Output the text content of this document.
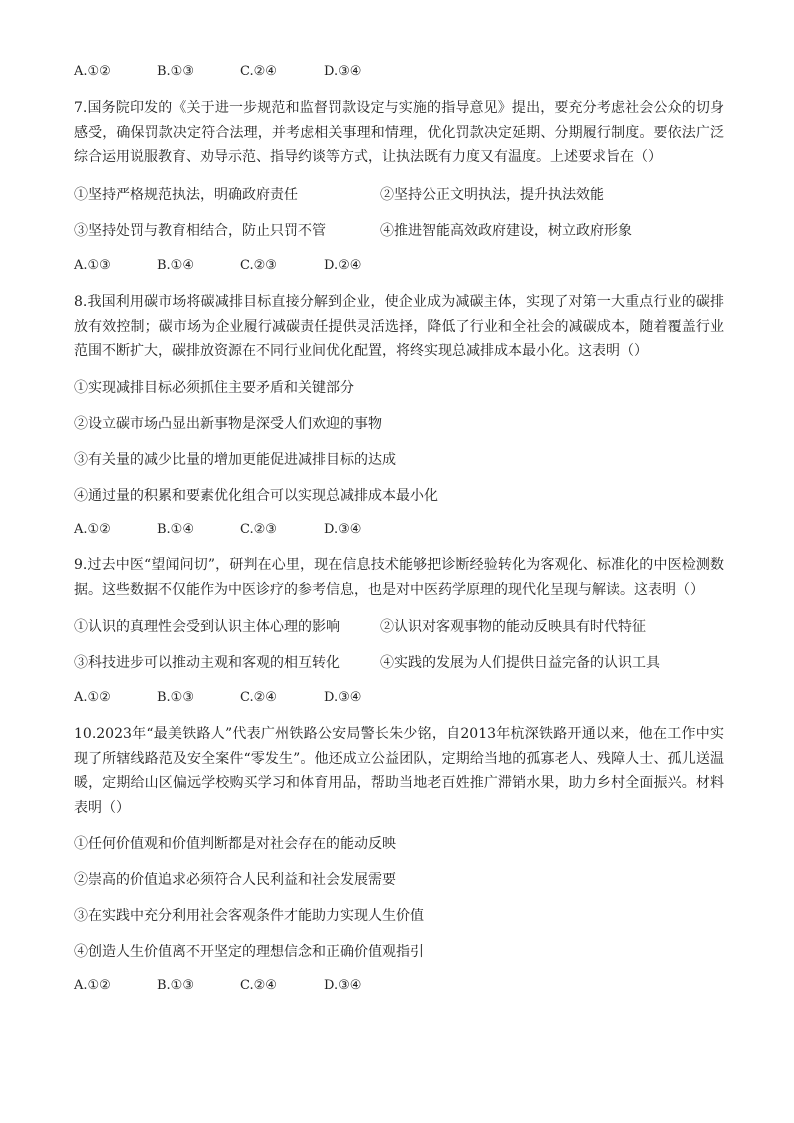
A.①②	B.①③	C.②④	D.③④
7.国务院印发的《关于进一步规范和监督罚款设定与实施的指导意见》提出，要充分考虑社会公众的切身感受，确保罚款决定符合法理，并考虑相关事理和情理，优化罚款决定延期、分期履行制度。要依法广泛综合运用说服教育、劝导示范、指导约谈等方式，让执法既有力度又有温度。上述要求旨在（）
①坚持严格规范执法，明确政府责任	②坚持公正文明执法，提升执法效能
③坚持处罚与教育相结合，防止只罚不管	④推进智能高效政府建设，树立政府形象
A.①③	B.①④	C.②③	D.②④
8.我国利用碳市场将碳减排目标直接分解到企业，使企业成为减碳主体，实现了对第一大重点行业的碳排放有效控制；碳市场为企业履行减碳责任提供灵活选择，降低了行业和全社会的减碳成本，随着覆盖行业范围不断扩大，碳排放资源在不同行业间优化配置，将终实现总减排成本最小化。这表明（）
①实现减排目标必须抓住主要矛盾和关键部分
②设立碳市场凸显出新事物是深受人们欢迎的事物
③有关量的减少比量的增加更能促进减排目标的达成
④通过量的积累和要素优化组合可以实现总减排成本最小化
A.①②	B.①④	C.②③	D.③④
9.过去中医“望闻问切”，研判在心里，现在信息技术能够把诊断经验转化为客观化、标准化的中医检测数据。这些数据不仅能作为中医诊疗的参考信息，也是对中医药学原理的现代化呈现与解读。这表明（）
①认识的真理性会受到认识主体心理的影响	②认识对客观事物的能动反映具有时代特征
③科技进步可以推动主观和客观的相互转化	④实践的发展为人们提供日益完备的认识工具
A.①②	B.①③	C.②④	D.③④
10.2023年“最美铁路人”代表广州铁路公安局警长朱少铭，自2013年杭深铁路开通以来，他在工作中实现了所辖线路范及安全案件“零发生”。他还成立公益团队，定期给当地的孤寡老人、残障人士、孤儿送温暖，定期给山区偏远学校购买学习和体育用品，帮助当地老百姓推广滞销水果，助力乡村全面振兴。材料表明（）
①任何价值观和价值判断都是对社会存在的能动反映
②崇高的价值追求必须符合人民利益和社会发展需要
③在实践中充分利用社会客观条件才能助力实现人生价值
④创造人生价值离不开坚定的理想信念和正确价值观指引
A.①②	B.①③	C.②④	D.③④
